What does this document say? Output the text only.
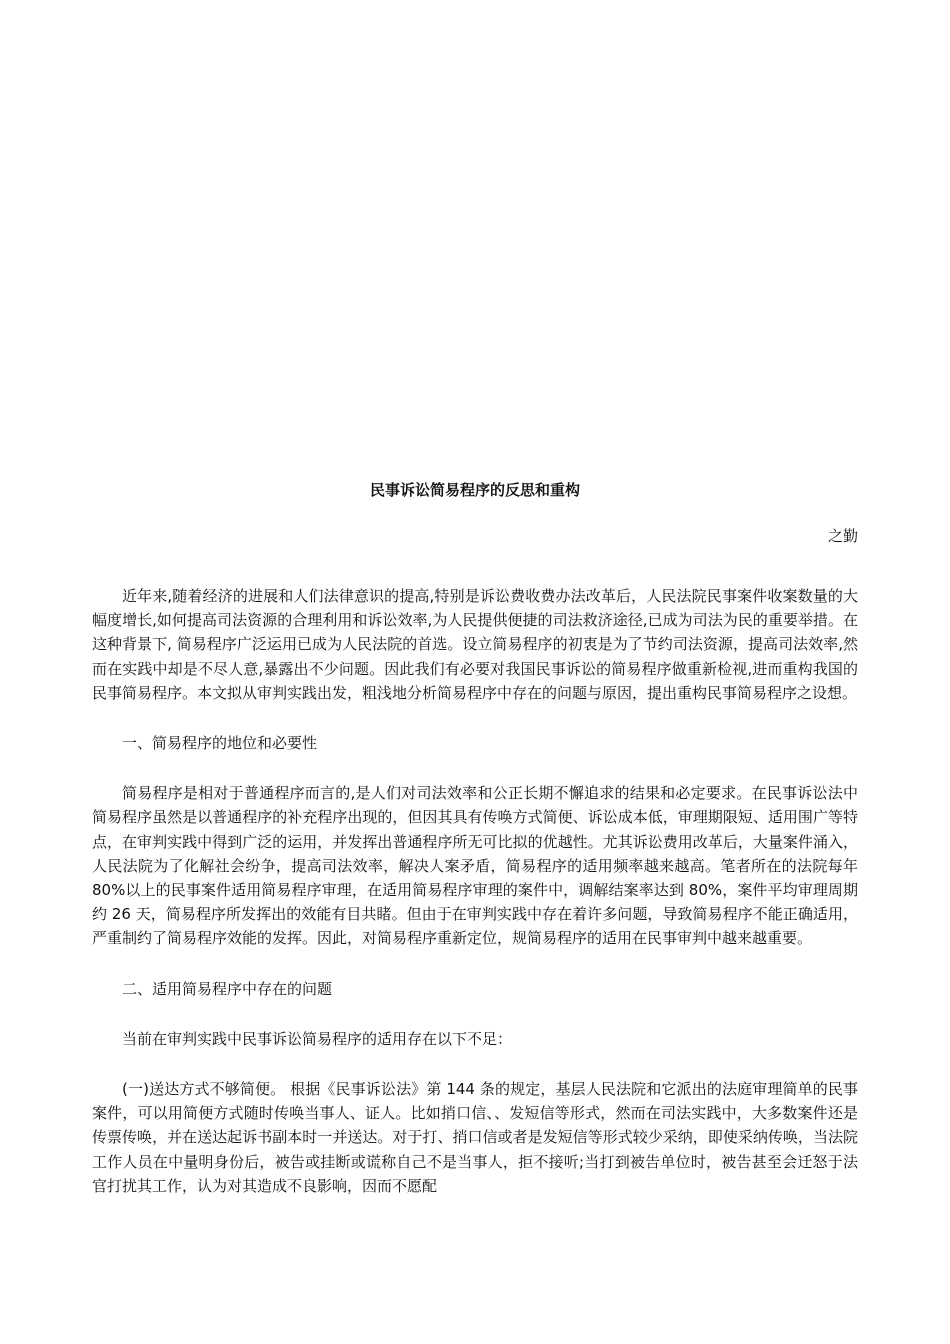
民事诉讼简易程序的反思和重构

之勤

近年来,随着经济的进展和人们法律意识的提高,特别是诉讼费收费办法改革后，人民法院民事案件收案数量的大幅度增长,如何提高司法资源的合理利用和诉讼效率,为人民提供便捷的司法救济途径,已成为司法为民的重要举措。在这种背景下, 简易程序广泛运用已成为人民法院的首选。设立简易程序的初衷是为了节约司法资源，提高司法效率,然而在实践中却是不尽人意,暴露出不少问题。因此我们有必要对我国民事诉讼的简易程序做重新检视,进而重构我国的民事简易程序。本文拟从审判实践出发，粗浅地分析简易程序中存在的问题与原因，提出重构民事简易程序之设想。

一、简易程序的地位和必要性

简易程序是相对于普通程序而言的,是人们对司法效率和公正长期不懈追求的结果和必定要求。在民事诉讼法中简易程序虽然是以普通程序的补充程序出现的，但因其具有传唤方式简便、诉讼成本低，审理期限短、适用围广等特点，在审判实践中得到广泛的运用，并发挥出普通程序所无可比拟的优越性。尤其诉讼费用改革后，大量案件涌入，人民法院为了化解社会纷争，提高司法效率，解决人案矛盾，简易程序的适用频率越来越高。笔者所在的法院每年 80%以上的民事案件适用简易程序审理，在适用简易程序审理的案件中，调解结案率达到 80%，案件平均审理周期约 26 天，简易程序所发挥出的效能有目共睹。但由于在审判实践中存在着许多问题，导致简易程序不能正确适用，严重制约了简易程序效能的发挥。因此，对简易程序重新定位，规简易程序的适用在民事审判中越来越重要。

二、适用简易程序中存在的问题

当前在审判实践中民事诉讼简易程序的适用存在以下不足：

(一)送达方式不够简便。 根据《民事诉讼法》第 144 条的规定，基层人民法院和它派出的法庭审理简单的民事案件，可以用简便方式随时传唤当事人、证人。比如捎口信、、发短信等形式，然而在司法实践中，大多数案件还是传票传唤，并在送达起诉书副本时一并送达。对于打、捎口信或者是发短信等形式较少采纳，即使采纳传唤，当法院工作人员在中量明身份后，被告或挂断或谎称自己不是当事人，拒不接听;当打到被告单位时，被告甚至会迁怒于法官打扰其工作，认为对其造成不良影响，因而不愿配
